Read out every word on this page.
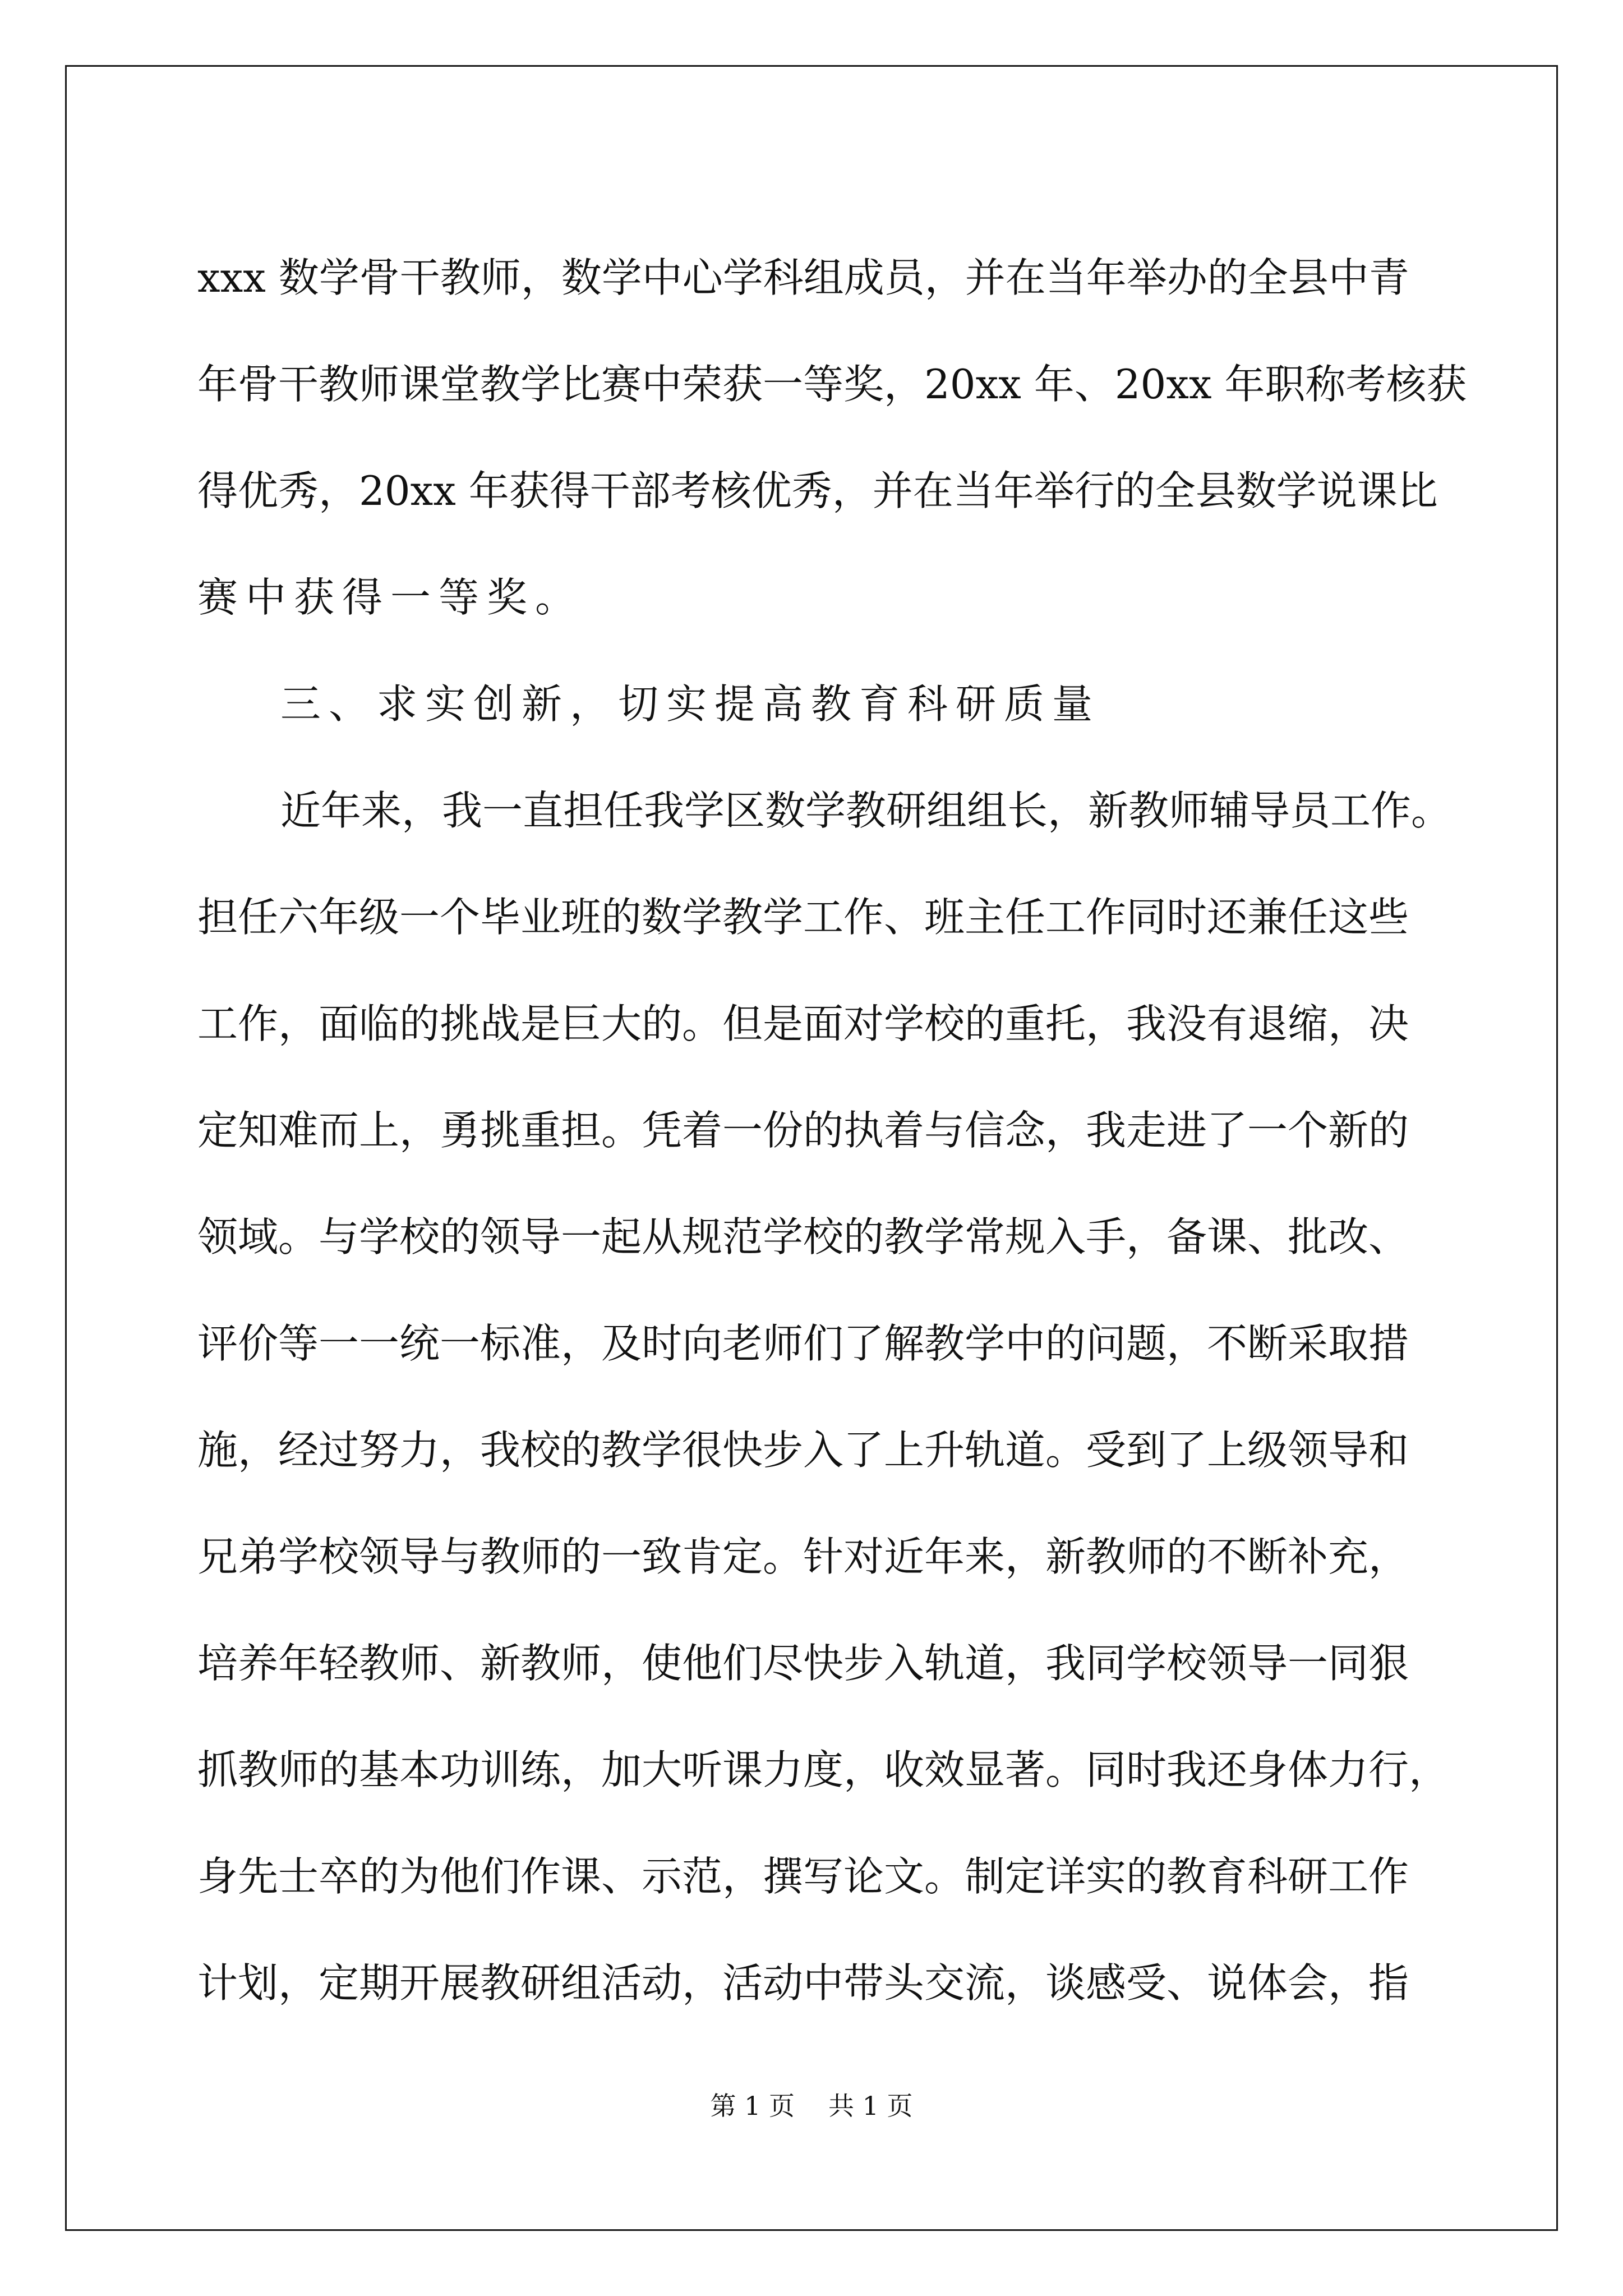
xxx 数学骨干教师，数学中心学科组成员，并在当年举办的全县中青
年骨干教师课堂教学比赛中荣获一等奖，20xx 年、20xx 年职称考核获
得优秀，20xx 年获得干部考核优秀，并在当年举行的全县数学说课比
赛中获得一等奖。
三、求实创新，切实提高教育科研质量
近年来，我一直担任我学区数学教研组组长，新教师辅导员工作。
担任六年级一个毕业班的数学教学工作、班主任工作同时还兼任这些
工作，面临的挑战是巨大的。但是面对学校的重托，我没有退缩，决
定知难而上，勇挑重担。凭着一份的执着与信念，我走进了一个新的
领域。与学校的领导一起从规范学校的教学常规入手，备课、批改、
评价等一一统一标准，及时向老师们了解教学中的问题，不断采取措
施，经过努力，我校的教学很快步入了上升轨道。受到了上级领导和
兄弟学校领导与教师的一致肯定。针对近年来，新教师的不断补充，
培养年轻教师、新教师，使他们尽快步入轨道，我同学校领导一同狠
抓教师的基本功训练，加大听课力度，收效显著。同时我还身体力行，
身先士卒的为他们作课、示范，撰写论文。制定详实的教育科研工作
计划，定期开展教研组活动，活动中带头交流，谈感受、说体会，指
第 1 页 共 1 页
